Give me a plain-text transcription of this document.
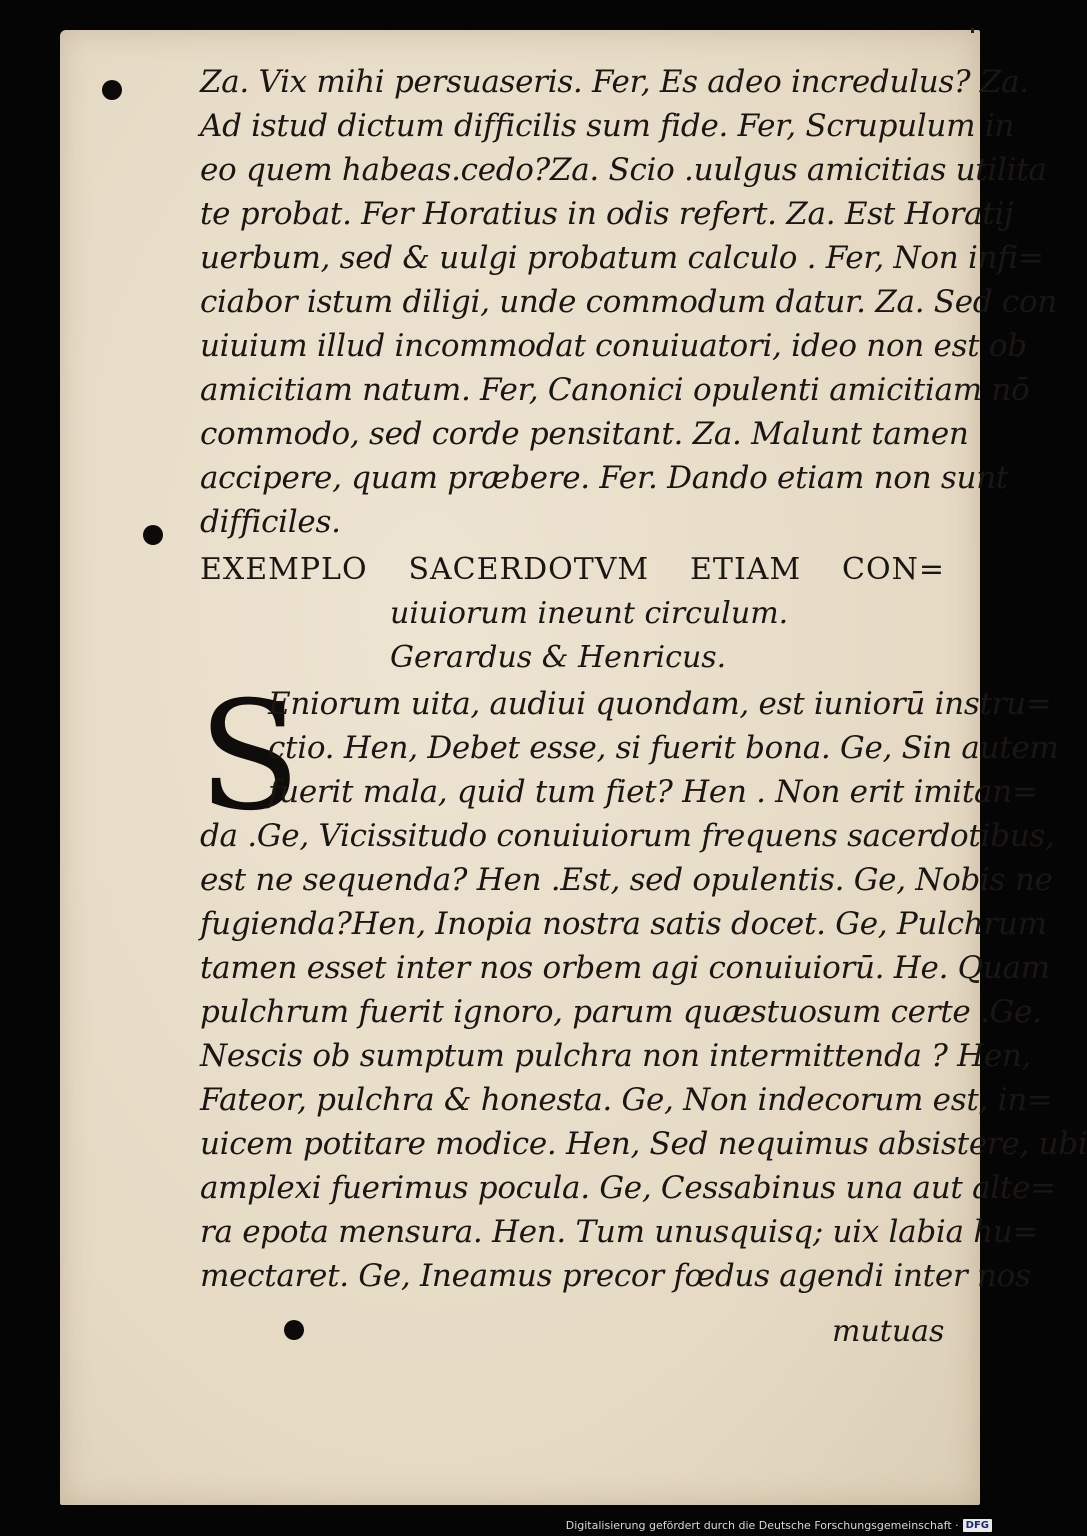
Za. Vix mihi persuaseris. Fer, Es adeo incredulus? Za.
Ad istud dictum difficilis sum fide. Fer, Scrupulum in
eo quem habeas.cedo?Za. Scio .uulgus amicitias utilita
te probat. Fer Horatius in odis refert. Za. Est Horatij
uerbum, sed & uulgi probatum calculo . Fer, Non infi=
ciabor istum diligi, unde commodum datur. Za. Sed con
uiuium illud incommodat conuiuatori, ideo non est ob
amicitiam natum. Fer, Canonici opulenti amicitiam nō
commodo, sed corde pensitant. Za. Malunt tamen
accipere, quam præbere. Fer. Dando etiam non sunt
difficiles.
EXEMPLO SACERDOTVM ETIAM CON=
uiuiorum ineunt circulum.
Gerardus & Henricus.
S
Eniorum uita, audiui quondam, est iuniorū instru=
ctio. Hen, Debet esse, si fuerit bona. Ge, Sin autem
fuerit mala, quid tum fiet? Hen . Non erit imitan=
da .Ge, Vicissitudo conuiuiorum frequens sacerdotibus,
est ne sequenda? Hen .Est, sed opulentis. Ge, Nobis ne
fugienda?Hen, Inopia nostra satis docet. Ge, Pulchrum
tamen esset inter nos orbem agi conuiuiorū. He. Quam
pulchrum fuerit ignoro, parum quæstuosum certe .Ge.
Nescis ob sumptum pulchra non intermittenda ? Hen,
Fateor, pulchra & honesta. Ge, Non indecorum est, in=
uicem potitare modice. Hen, Sed nequimus absistere, ubi
amplexi fuerimus pocula. Ge, Cessabinus una aut alte=
ra epota mensura. Hen. Tum unusquisq; uix labia hu=
mectaret. Ge, Ineamus precor fœdus agendi inter nos
mutuas
Digitalisierung gefördert durch die Deutsche Forschungsgemeinschaft · DFG
